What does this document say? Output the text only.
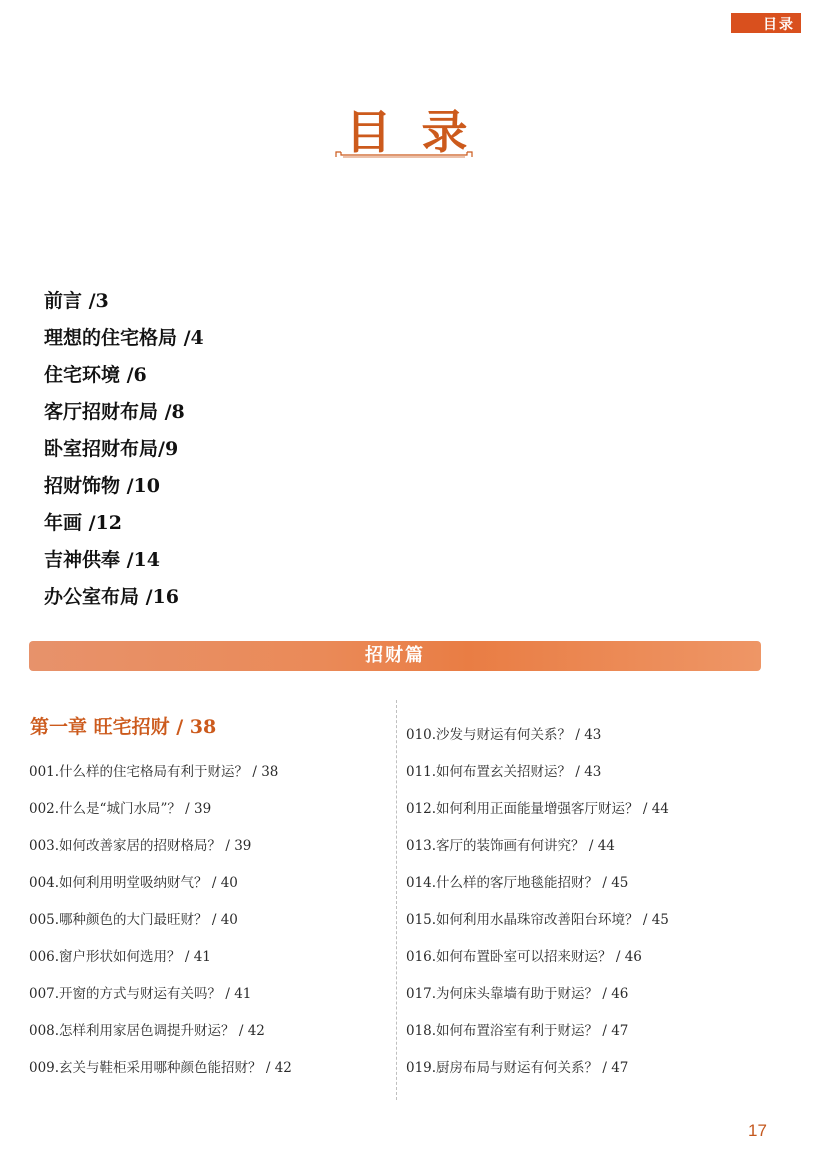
目录
目录
前言 /3
理想的住宅格局 /4
住宅环境 /6
客厅招财布局 /8
卧室招财布局/9
招财饰物 /10
年画 /12
吉神供奉 /14
办公室布局 /16
招财篇
第一章 旺宅招财 / 38
001.什么样的住宅格局有利于财运？ / 38
002.什么是“城门水局”？ / 39
003.如何改善家居的招财格局？ / 39
004.如何利用明堂吸纳财气？ / 40
005.哪种颜色的大门最旺财？ / 40
006.窗户形状如何选用？ / 41
007.开窗的方式与财运有关吗？ / 41
008.怎样利用家居色调提升财运？ / 42
009.玄关与鞋柜采用哪种颜色能招财？ / 42
010.沙发与财运有何关系？ / 43
011.如何布置玄关招财运？ / 43
012.如何利用正面能量增强客厅财运？ / 44
013.客厅的装饰画有何讲究？ / 44
014.什么样的客厅地毯能招财？ / 45
015.如何利用水晶珠帘改善阳台环境？ / 45
016.如何布置卧室可以招来财运？ / 46
017.为何床头靠墙有助于财运？ / 46
018.如何布置浴室有利于财运？ / 47
019.厨房布局与财运有何关系？ / 47
17
